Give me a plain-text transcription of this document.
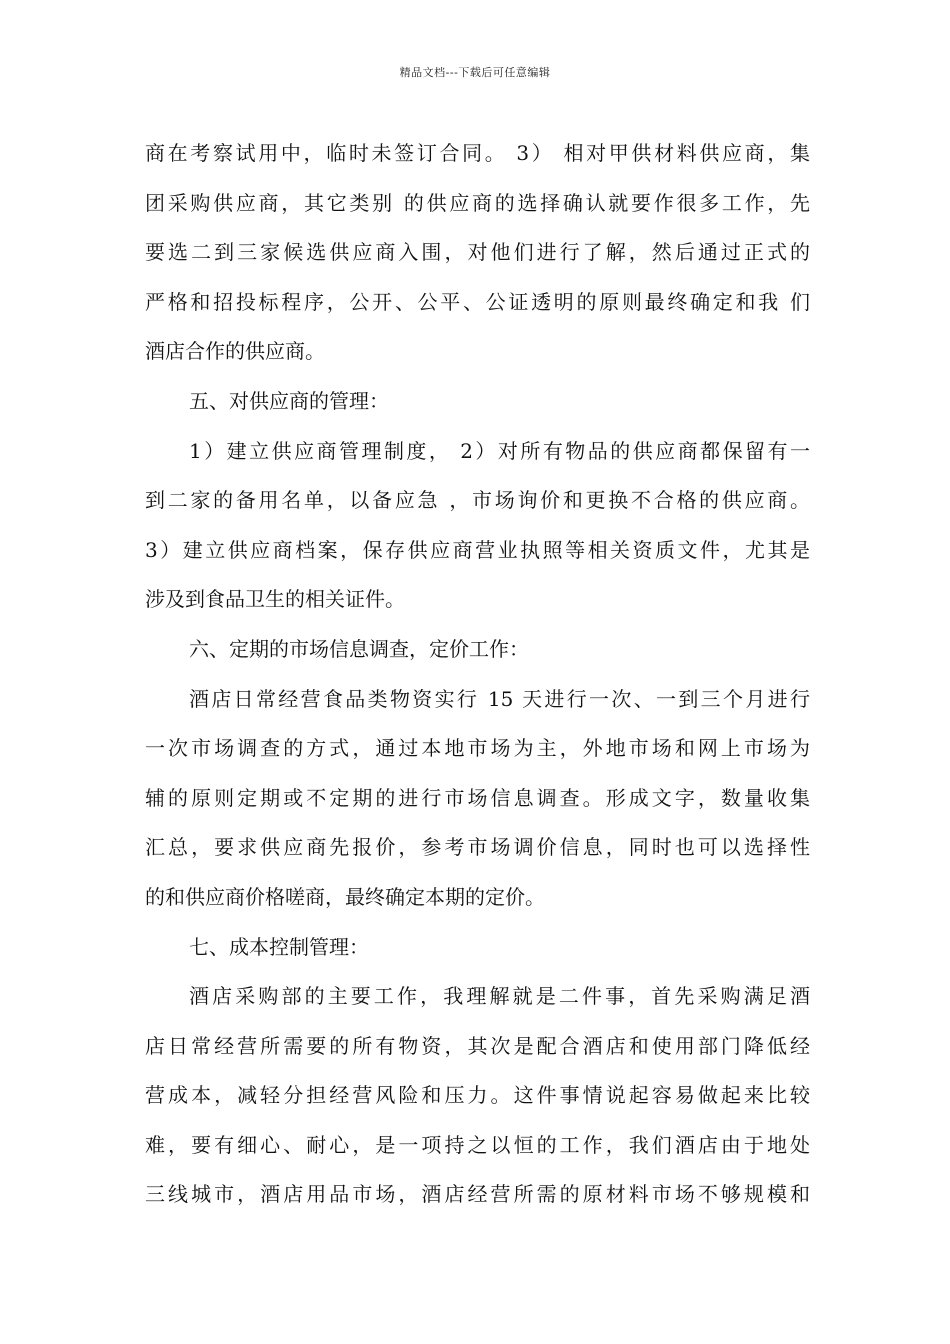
精品文档---下载后可任意编辑
商在考察试用中，临时未签订合同。 3） 相对甲供材料供应商，集
团采购供应商，其它类别 的供应商的选择确认就要作很多工作，先
要选二到三家候选供应商入围，对他们进行了解，然后通过正式的
严格和招投标程序，公开、公平、公证透明的原则最终确定和我 们
酒店合作的供应商。
五、对供应商的管理：
1）建立供应商管理制度， 2）对所有物品的供应商都保留有一
到二家的备用名单，以备应急 ，市场询价和更换不合格的供应商。
3）建立供应商档案，保存供应商营业执照等相关资质文件，尤其是
涉及到食品卫生的相关证件。
六、定期的市场信息调查，定价工作：
酒店日常经营食品类物资实行 15 天进行一次、一到三个月进行
一次市场调查的方式，通过本地市场为主，外地市场和网上市场为
辅的原则定期或不定期的进行市场信息调查。形成文字，数量收集
汇总，要求供应商先报价，参考市场调价信息，同时也可以选择性
的和供应商价格嗟商，最终确定本期的定价。
七、成本控制管理：
酒店采购部的主要工作，我理解就是二件事，首先采购满足酒
店日常经营所需要的所有物资，其次是配合酒店和使用部门降低经
营成本，减轻分担经营风险和压力。这件事情说起容易做起来比较
难，要有细心、耐心，是一项持之以恒的工作，我们酒店由于地处
三线城市，酒店用品市场，酒店经营所需的原材料市场不够规模和
